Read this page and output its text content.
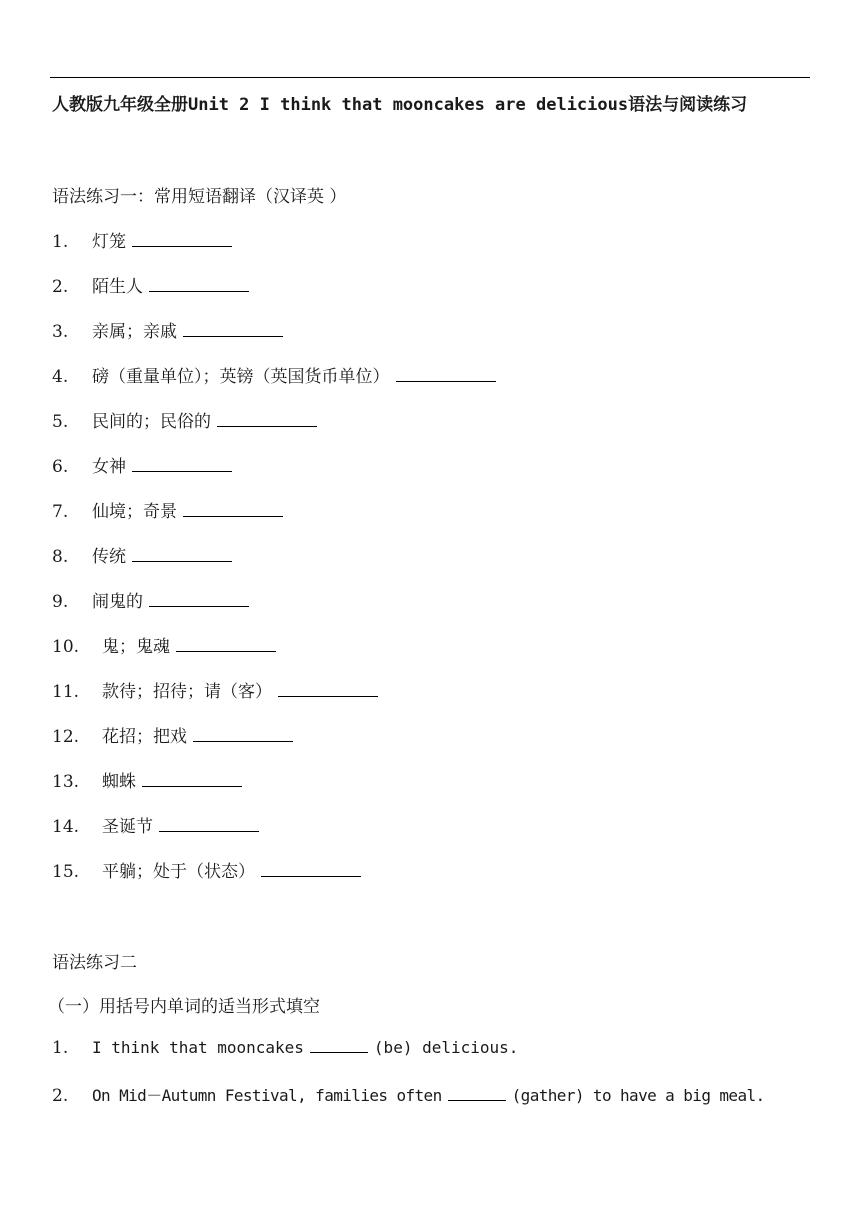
人教版九年级全册Unit 2 I think that mooncakes are delicious语法与阅读练习
语法练习一：常用短语翻译（汉译英 ）
1. 灯笼
2. 陌生人
3. 亲属；亲戚
4. 磅（重量单位）；英镑（英国货币单位）
5. 民间的；民俗的
6. 女神
7. 仙境；奇景
8. 传统
9. 闹鬼的
10. 鬼；鬼魂
11. 款待；招待；请（客）
12. 花招；把戏
13. 蜘蛛
14. 圣诞节
15. 平躺；处于（状态）
语法练习二
（一）用括号内单词的适当形式填空
1. I think that mooncakes	(be) delicious.
2. On Mid－Autumn Festival, families often	(gather) to have a big meal.
